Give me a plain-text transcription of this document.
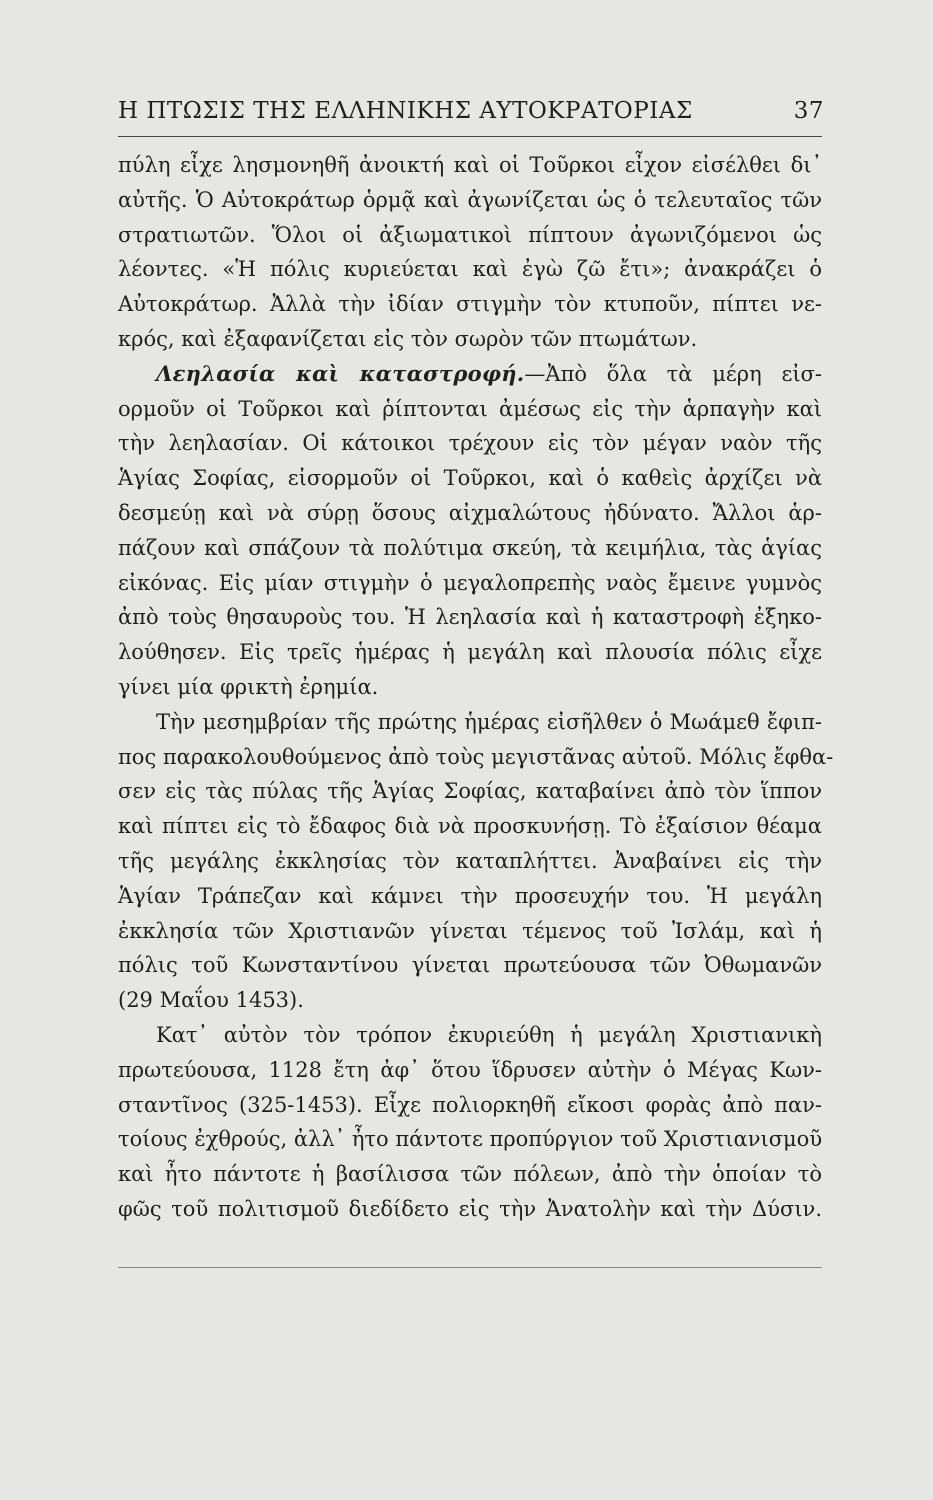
Η ΠΤΩΣΙΣ ΤΗΣ ΕΛΛΗΝΙΚΗΣ ΑΥΤΟΚΡΑΤΟΡΙΑΣ	37
πύλη εἶχε λησμονηθῆ ἀνοικτή καὶ οἱ Τοῦρκοι εἶχον εἰσέλθει δι᾽
αὐτῆς. Ὁ Αὐτοκράτωρ ὁρμᾷ καὶ ἀγωνίζεται ὡς ὁ τελευταῖος τῶν
στρατιωτῶν. Ὅλοι οἱ ἀξιωματικοὶ πίπτουν ἀγωνιζόμενοι ὡς
λέοντες. «Ἡ πόλις κυριεύεται καὶ ἐγὼ ζῶ ἔτι»; ἀνακράζει ὁ
Αὐτοκράτωρ. Ἀλλὰ τὴν ἰδίαν στιγμὴν τὸν κτυποῦν, πίπτει νε-
κρός, καὶ ἐξαφανίζεται εἰς τὸν σωρὸν τῶν πτωμάτων.
Λεηλασία καὶ καταστροφή.—Ἀπὸ ὅλα τὰ μέρη εἰσ-
ορμοῦν οἱ Τοῦρκοι καὶ ῥίπτονται ἀμέσως εἰς τὴν ἁρπαγὴν καὶ
τὴν λεηλασίαν. Οἱ κάτοικοι τρέχουν εἰς τὸν μέγαν ναὸν τῆς
Ἁγίας Σοφίας, εἰσορμοῦν οἱ Τοῦρκοι, καὶ ὁ καθεὶς ἀρχίζει νὰ
δεσμεύῃ καὶ νὰ σύρῃ ὅσους αἰχμαλώτους ἠδύνατο. Ἄλλοι ἁρ-
πάζουν καὶ σπάζουν τὰ πολύτιμα σκεύη, τὰ κειμήλια, τὰς ἁγίας
εἰκόνας. Εἰς μίαν στιγμὴν ὁ μεγαλοπρεπὴς ναὸς ἔμεινε γυμνὸς
ἀπὸ τοὺς θησαυροὺς του. Ἡ λεηλασία καὶ ἡ καταστροφὴ ἐξηκο-
λούθησεν. Εἰς τρεῖς ἡμέρας ἡ μεγάλη καὶ πλουσία πόλις εἶχε
γίνει μία φρικτὴ ἐρημία.
Τὴν μεσημβρίαν τῆς πρώτης ἡμέρας εἰσῆλθεν ὁ Μωάμεθ ἔφιπ-
πος παρακολουθούμενος ἀπὸ τοὺς μεγιστᾶνας αὐτοῦ. Μόλις ἔφθα-
σεν εἰς τὰς πύλας τῆς Ἁγίας Σοφίας, καταβαίνει ἀπὸ τὸν ἵππον
καὶ πίπτει εἰς τὸ ἔδαφος διὰ νὰ προσκυνήσῃ. Τὸ ἐξαίσιον θέαμα
τῆς μεγάλης ἐκκλησίας τὸν καταπλήττει. Ἀναβαίνει εἰς τὴν
Ἁγίαν Τράπεζαν καὶ κάμνει τὴν προσευχήν του. Ἡ μεγάλη
ἐκκλησία τῶν Χριστιανῶν γίνεται τέμενος τοῦ Ἰσλάμ, καὶ ἡ
πόλις τοῦ Κωνσταντίνου γίνεται πρωτεύουσα τῶν Ὀθωμανῶν
(29 Μαΐου 1453).
Κατ᾽ αὐτὸν τὸν τρόπον ἐκυριεύθη ἡ μεγάλη Χριστιανικὴ
πρωτεύουσα, 1128 ἔτη ἀφ᾽ ὅτου ἵδρυσεν αὐτὴν ὁ Μέγας Κων-
σταντῖνος (325-1453). Εἶχε πολιορκηθῆ εἴκοσι φορὰς ἀπὸ παν-
τοίους ἐχθρούς, ἀλλ᾽ ἦτο πάντοτε προπύργιον τοῦ Χριστιανισμοῦ
καὶ ἦτο πάντοτε ἡ βασίλισσα τῶν πόλεων, ἀπὸ τὴν ὁποίαν τὸ
φῶς τοῦ πολιτισμοῦ διεδίδετο εἰς τὴν Ἀνατολὴν καὶ τὴν Δύσιν.
